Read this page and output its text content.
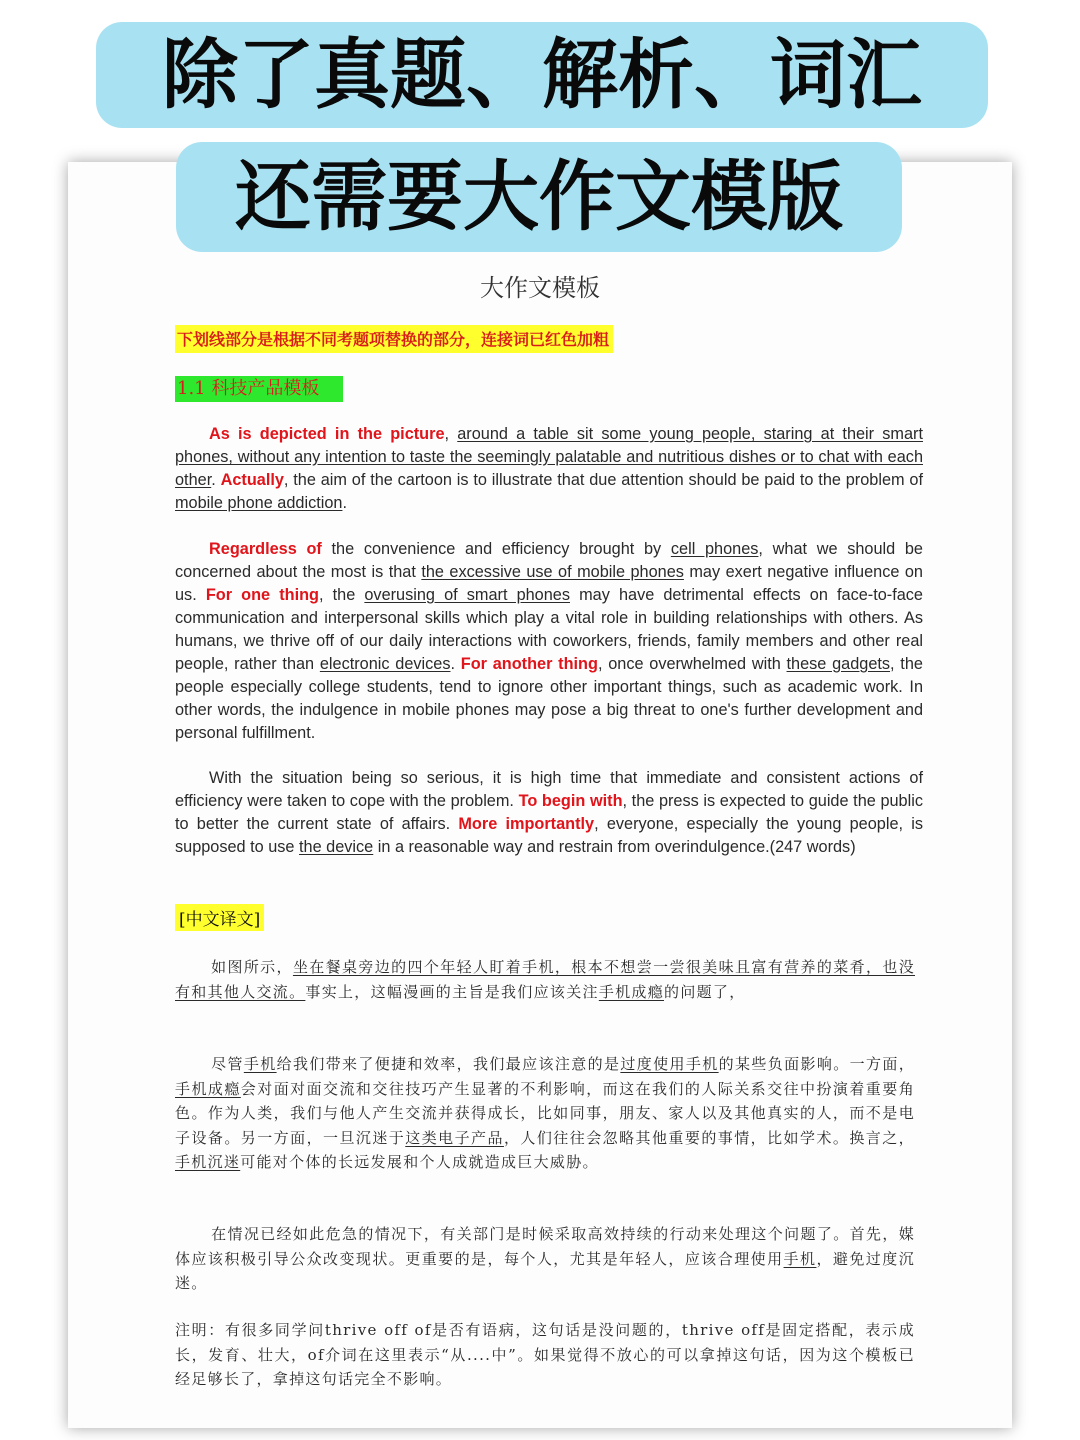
除了真题、解析、词汇
还需要大作文模版
大作文模板
下划线部分是根据不同考题项替换的部分，连接词已红色加粗
1.1 科技产品模板

As is depicted in the picture, around a table sit some young people, staring at their smart phones, without any intention to taste the seemingly palatable and nutritious dishes or to chat with each other. Actually, the aim of the cartoon is to illustrate that due attention should be paid to the problem of mobile phone addiction.

Regardless of the convenience and efficiency brought by cell phones, what we should be concerned about the most is that the excessive use of mobile phones may exert negative influence on us. For one thing, the overusing of smart phones may have detrimental effects on face-to-face communication and interpersonal skills which play a vital role in building relationships with others. As humans, we thrive off of our daily interactions with coworkers, friends, family members and other real people, rather than electronic devices. For another thing, once overwhelmed with these gadgets, the people especially college students, tend to ignore other important things, such as academic work. In other words, the indulgence in mobile phones may pose a big threat to one's further development and personal fulfillment.

With the situation being so serious, it is high time that immediate and consistent actions of efficiency were taken to cope with the problem. To begin with, the press is expected to guide the public to better the current state of affairs. More importantly, everyone, especially the young people, is supposed to use the device in a reasonable way and restrain from overindulgence.(247 words)

[中文译文]

如图所示，坐在餐桌旁边的四个年轻人盯着手机，根本不想尝一尝很美味且富有营养的菜肴，也没有和其他人交流。事实上，这幅漫画的主旨是我们应该关注手机成瘾的问题了，

尽管手机给我们带来了便捷和效率，我们最应该注意的是过度使用手机的某些负面影响。一方面，手机成瘾会对面对面交流和交往技巧产生显著的不利影响，而这在我们的人际关系交往中扮演着重要角色。作为人类，我们与他人产生交流并获得成长，比如同事，朋友、家人以及其他真实的人，而不是电子设备。另一方面，一旦沉迷于这类电子产品，人们往往会忽略其他重要的事情，比如学术。换言之，手机沉迷可能对个体的长远发展和个人成就造成巨大威胁。

在情况已经如此危急的情况下，有关部门是时候采取高效持续的行动来处理这个问题了。首先，媒体应该积极引导公众改变现状。更重要的是，每个人，尤其是年轻人，应该合理使用手机，避免过度沉迷。

注明：有很多同学问thrive off of是否有语病，这句话是没问题的，thrive off是固定搭配，表示成长，发育、壮大，of介词在这里表示“从....中”。如果觉得不放心的可以拿掉这句话，因为这个模板已经足够长了，拿掉这句话完全不影响。
